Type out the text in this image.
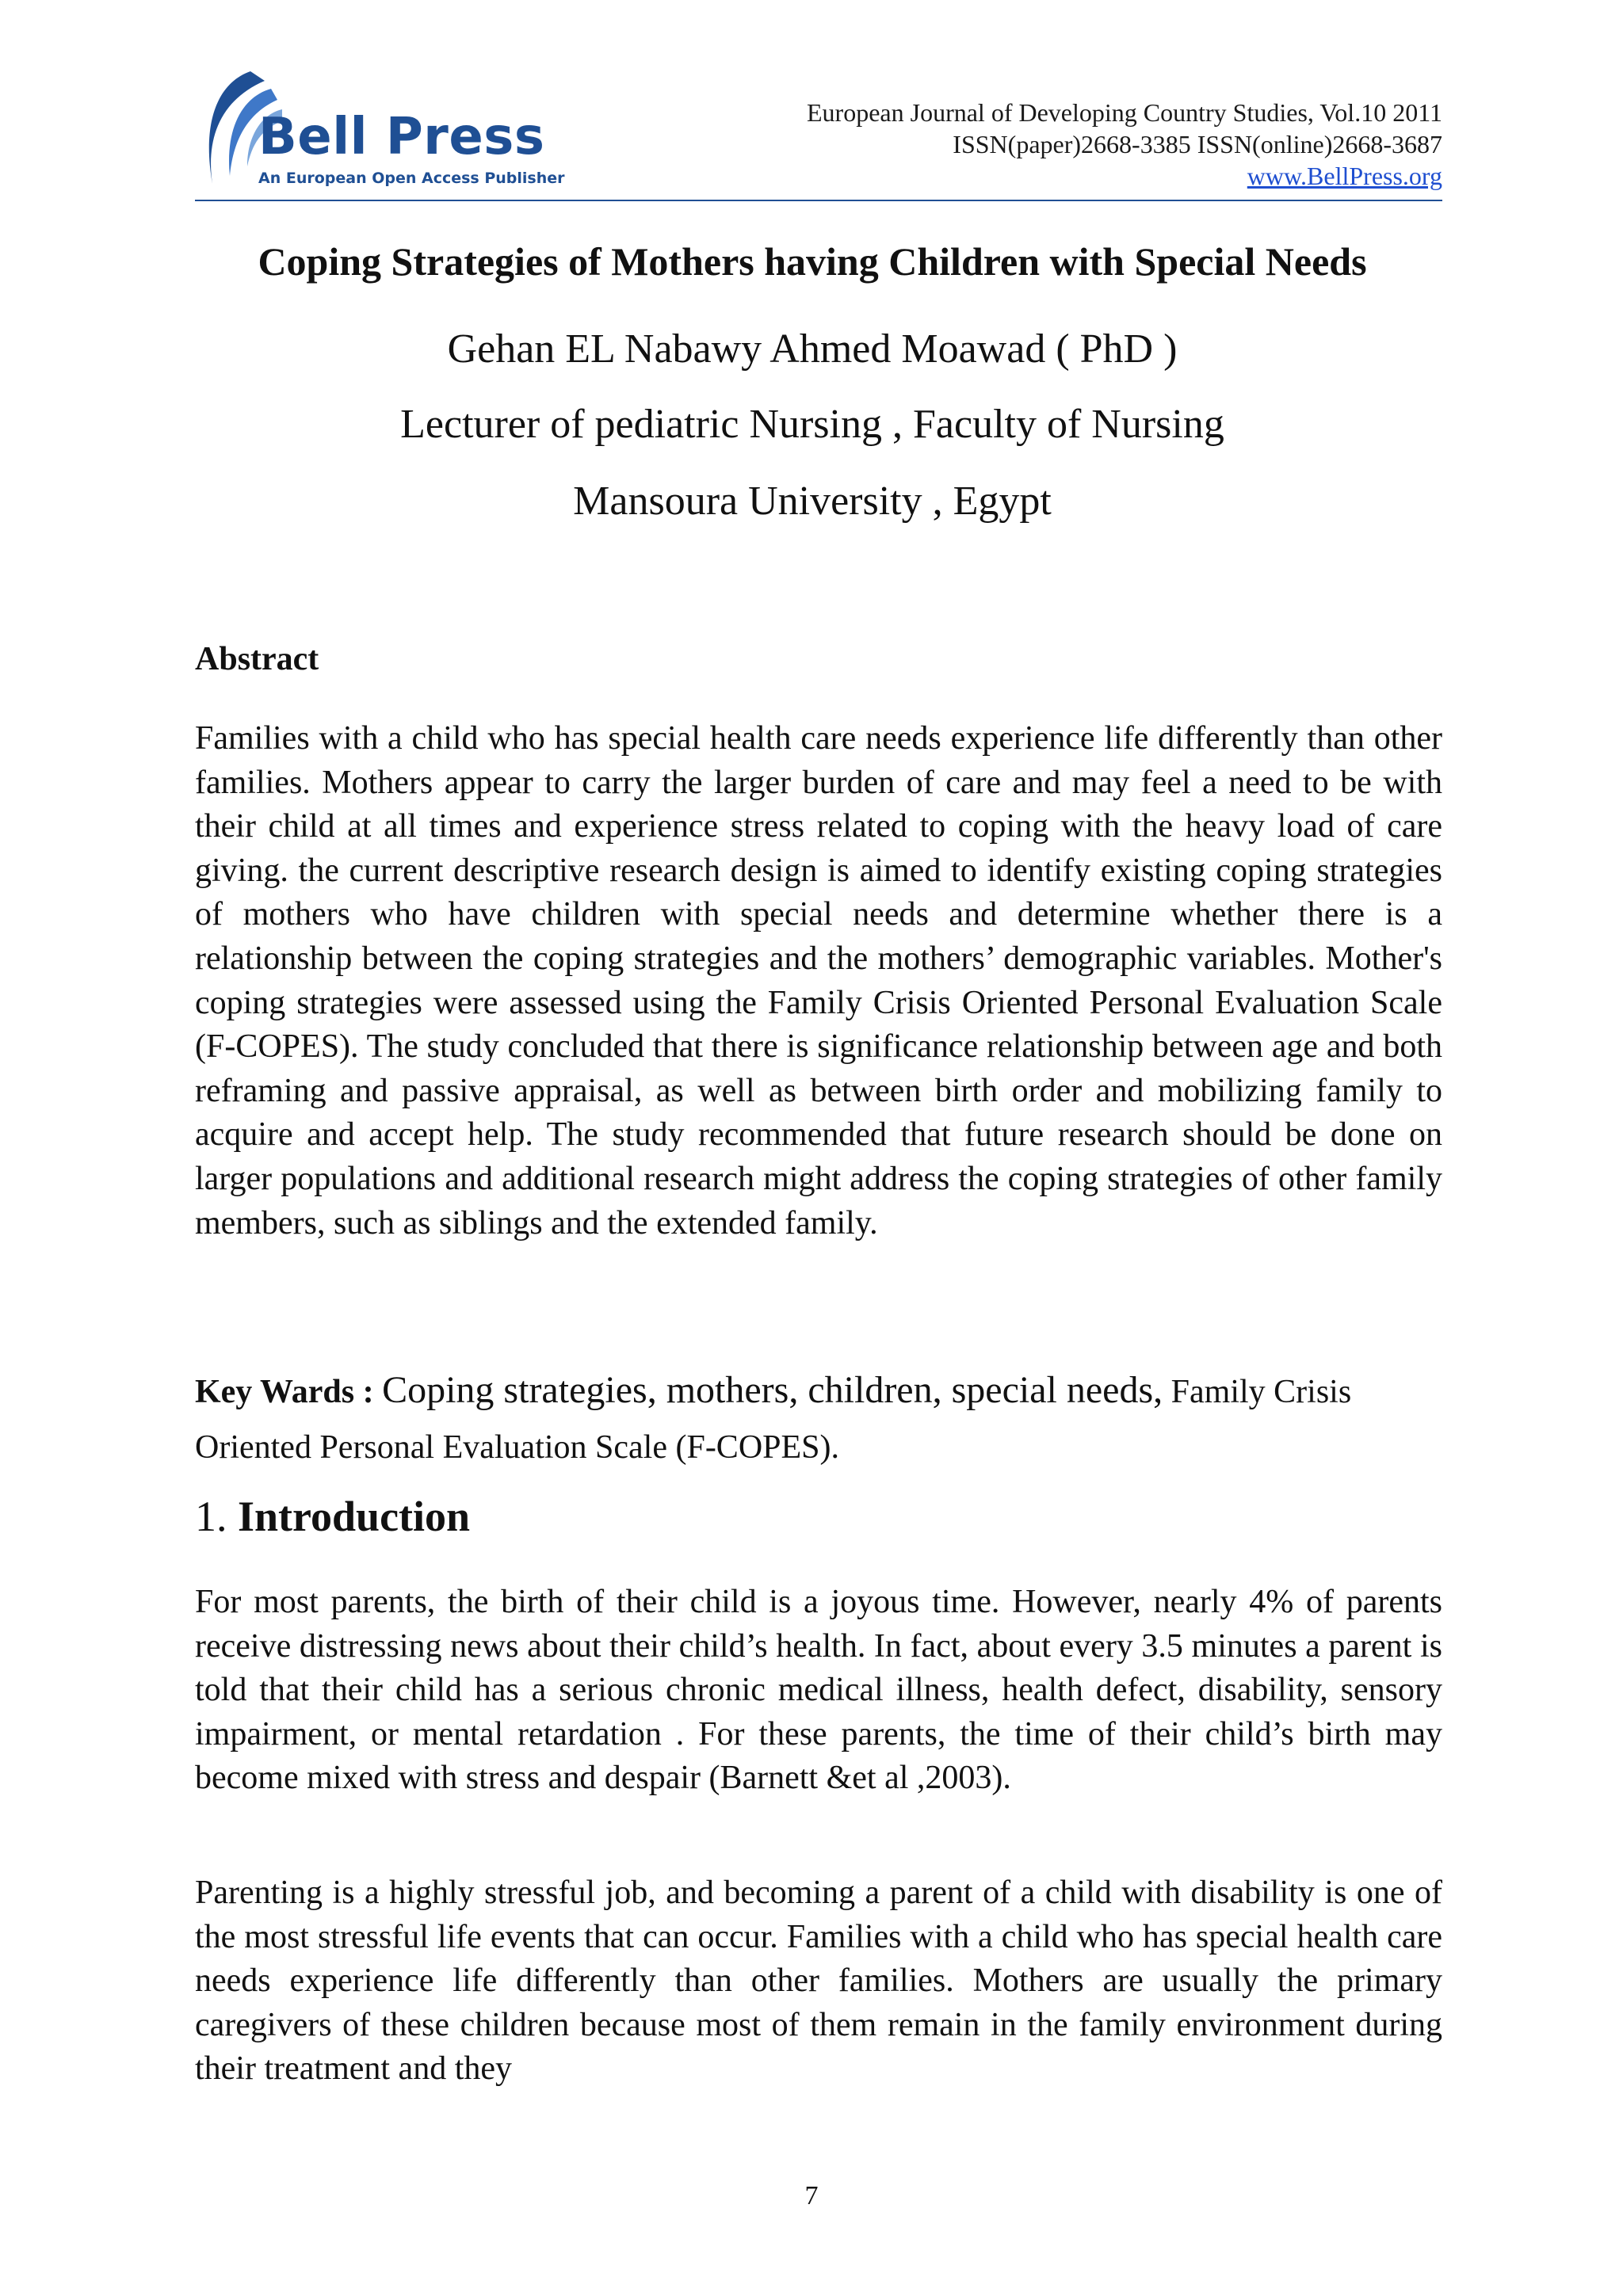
Bell Press
An European Open Access Publisher
European Journal of Developing Country Studies, Vol.10 2011
ISSN(paper)2668-3385 ISSN(online)2668-3687
www.BellPress.org
Coping Strategies of Mothers having Children with Special Needs
Gehan EL Nabawy Ahmed Moawad ( PhD )
Lecturer of pediatric Nursing , Faculty of Nursing
Mansoura University , Egypt
Abstract

Families with a child who has special health care needs experience life differently than other families. Mothers appear to carry the larger burden of care and may feel a need to be with their child at all times and experience stress related to coping with the heavy load of care giving. the current descriptive research design is aimed to identify existing coping strategies of mothers who have children with special needs and determine whether there is a relationship between the coping strategies and the mothers’ demographic variables. Mother's coping strategies were assessed using the Family Crisis Oriented Personal Evaluation Scale (F-COPES). The study concluded that there is significance relationship between age and both reframing and passive appraisal, as well as between birth order and mobilizing family to acquire and accept help. The study recommended that future research should be done on larger populations and additional research might address the coping strategies of other family members, such as siblings and the extended family.

Key Wards : Coping strategies, mothers, children, special needs, Family Crisis Oriented Personal Evaluation Scale (F-COPES).

1. Introduction

For most parents, the birth of their child is a joyous time. However, nearly 4% of parents receive distressing news about their child’s health. In fact, about every 3.5 minutes a parent is told that their child has a serious chronic medical illness, health defect, disability, sensory impairment, or mental retardation . For these parents, the time of their child’s birth may become mixed with stress and despair (Barnett &et al ,2003).

Parenting is a highly stressful job, and becoming a parent of a child with disability is one of the most stressful life events that can occur. Families with a child who has special health care needs experience life differently than other families. Mothers are usually the primary caregivers of these children because most of them remain in the family environment during their treatment and they

7
